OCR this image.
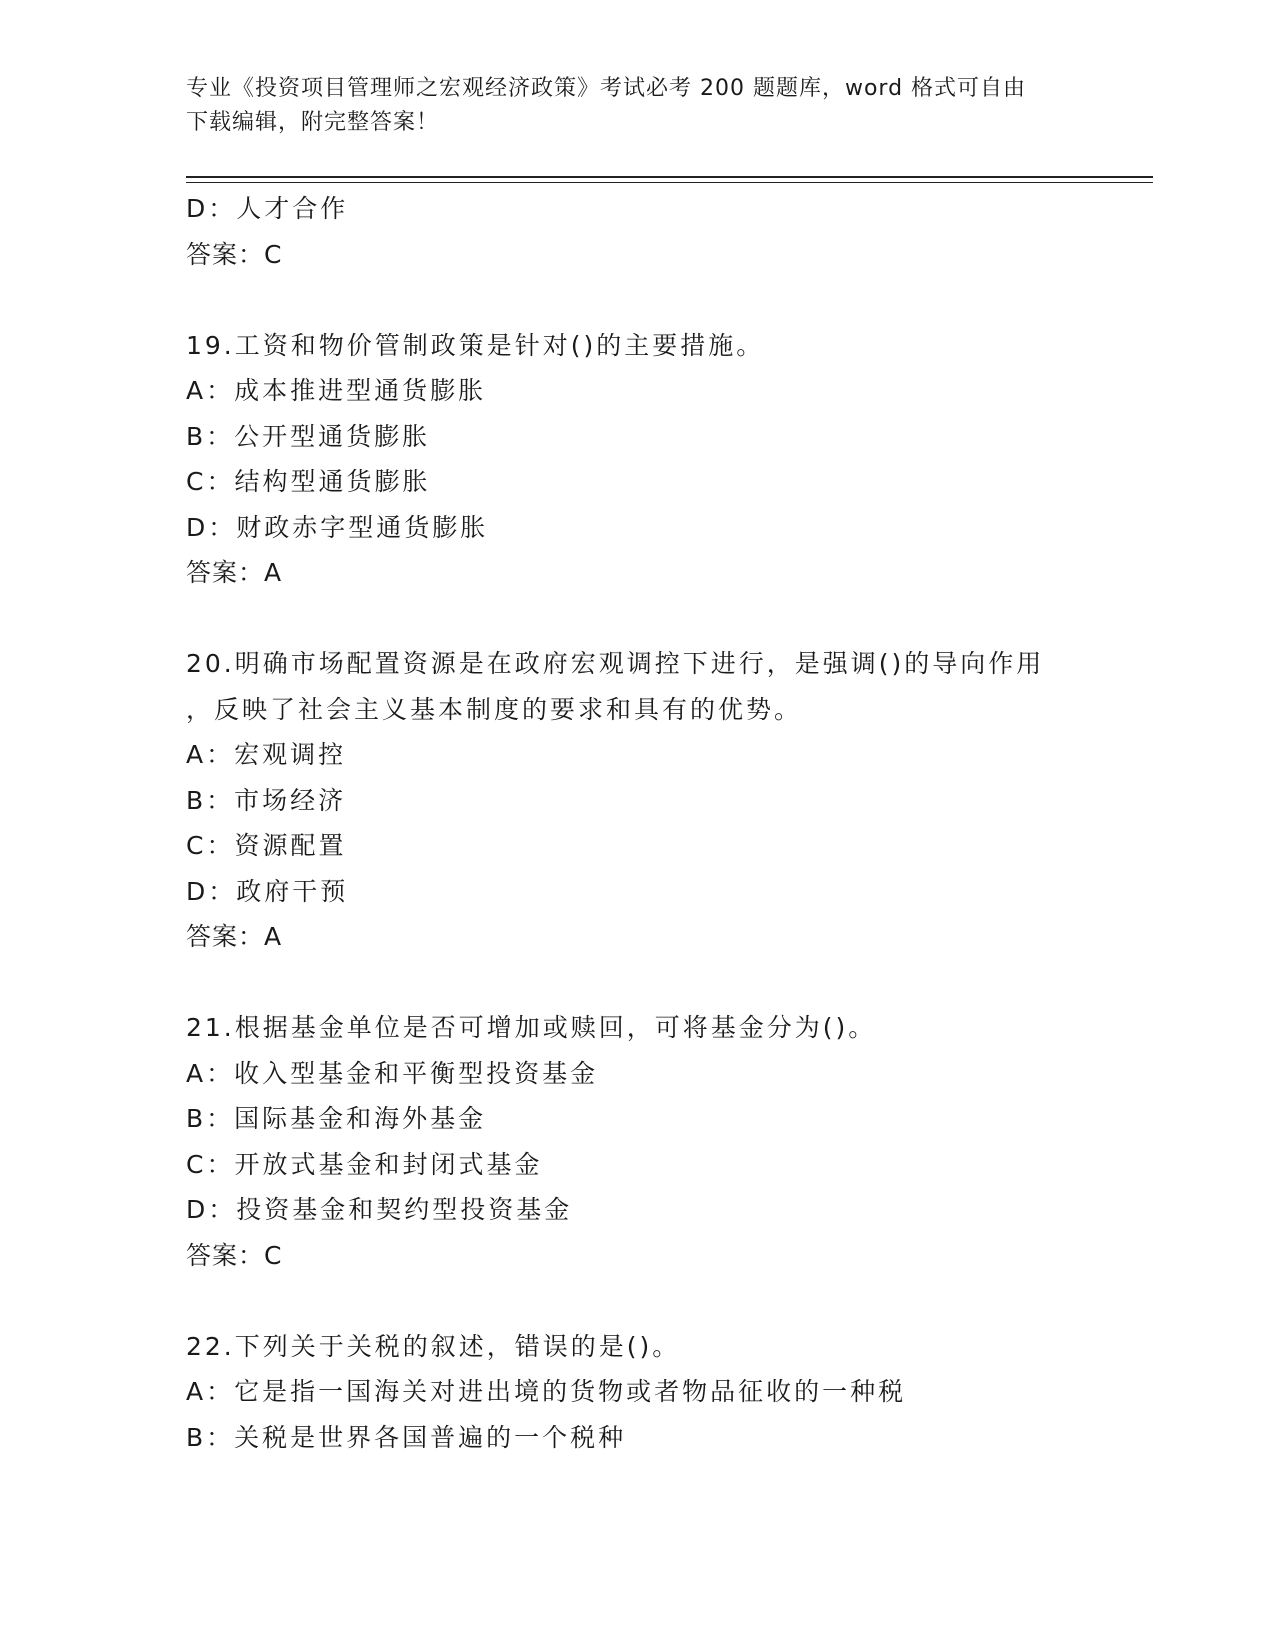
专业《投资项目管理师之宏观经济政策》考试必考 200 题题库，word 格式可自由
下载编辑，附完整答案！
D：人才合作
答案：C
19.工资和物价管制政策是针对()的主要措施。
A：成本推进型通货膨胀
B：公开型通货膨胀
C：结构型通货膨胀
D：财政赤字型通货膨胀
答案：A
20.明确市场配置资源是在政府宏观调控下进行，是强调()的导向作用
，反映了社会主义基本制度的要求和具有的优势。
A：宏观调控
B：市场经济
C：资源配置
D：政府干预
答案：A
21.根据基金单位是否可增加或赎回，可将基金分为()。
A：收入型基金和平衡型投资基金
B：国际基金和海外基金
C：开放式基金和封闭式基金
D：投资基金和契约型投资基金
答案：C
22.下列关于关税的叙述，错误的是()。
A：它是指一国海关对进出境的货物或者物品征收的一种税
B：关税是世界各国普遍的一个税种
